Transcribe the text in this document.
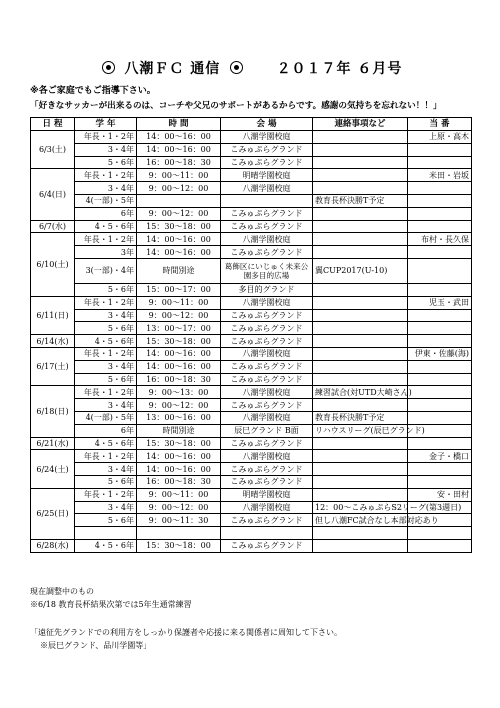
八潮ＦＣ 通信	２０１７年 ６月号
※各ご家庭でもご指導下さい。
「好きなサッカーが出来るのは、コーチや父兄のサポートがあるからです。感謝の気持ちを忘れない！！」
日 程	学 年	時 間	会 場	連絡事項など	当 番
6/3(土)	年長・1・2年	14：00～16：00	八潮学園校庭		上原・高木
	3・4年	14：00～16：00	こみゅぷらグランド		
	5・6年	16：00～18：30	こみゅぷらグランド		
6/4(日)	年長・1・2年	9：00～11：00	明晴学園校庭		米田・岩坂
	3・4年	9：00～12：00	八潮学園校庭		
	4(一部)・5年			教育長杯決勝T予定	
	6年	9：00～12：00	こみゅぷらグランド		
6/7(水)	4・5・6年	15：30～18：00	こみゅぷらグランド		
6/10(土)	年長・1・2年	14：00～16：00	八潮学園校庭		布村・長久保
	3年	14：00～16：00	こみゅぷらグランド		
	3(一部)・4年	時間別途	葛飾区にいじゅく未来公園多目的広場	翼CUP2017(U-10)	
	5・6年	15：00～17：00	多目的グランド		
6/11(日)	年長・1・2年	9：00～11：00	八潮学園校庭		児玉・武田
	3・4年	9：00～12：00	こみゅぷらグランド		
	5・6年	13：00～17：00	こみゅぷらグランド		
6/14(水)	4・5・6年	15：30～18：00	こみゅぷらグランド		
6/17(土)	年長・1・2年	14：00～16：00	八潮学園校庭		伊東・佐藤(海)
	3・4年	14：00～16：00	こみゅぷらグランド		
	5・6年	16：00～18：30	こみゅぷらグランド		
6/18(日)	年長・1・2年	9：00～13：00	八潮学園校庭	練習試合(対UTD大崎さん)	
	3・4年	9：00～12：00	こみゅぷらグランド		
	4(一部)・5年	13：00～16：00	八潮学園校庭	教育長杯決勝T予定	
	6年	時間別途	辰巳グランド B面	リハウスリーグ(辰巳グランド)	
6/21(水)	4・5・6年	15：30～18：00	こみゅぷらグランド		
6/24(土)	年長・1・2年	14：00～16：00	八潮学園校庭		金子・橋口
	3・4年	14：00～16：00	こみゅぷらグランド		
	5・6年	16：00～18：30	こみゅぷらグランド		
6/25(日)	年長・1・2年	9：00～11：00	明晴学園校庭		安・田村
	3・4年	9：00～12：00	八潮学園校庭	12：00～こみゅぷらS2リーグ(第3週日)	
	5・6年	9：00～11：30	こみゅぷらグランド	但し八潮FC試合なし本部対応あり	

6/28(水)	4・5・6年	15：30～18：00	こみゅぷらグランド		
現在調整中のもの
※6/18 教育長杯結果次第では5年生通常練習
「遠征先グランドでの利用方をしっかり保護者や応援に来る関係者に周知して下さい。
※辰巳グランド、品川学園等」
